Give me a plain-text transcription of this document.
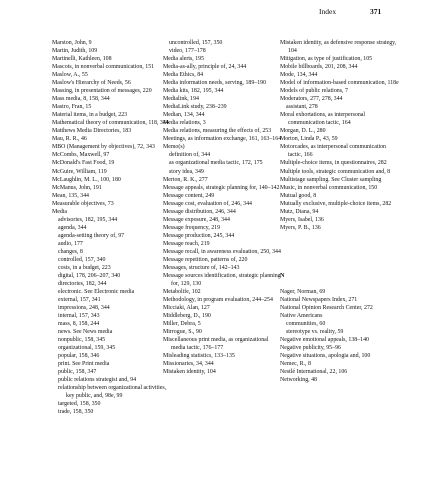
Index	371
Marston, John, 9
Martin, Judith, 109
Martinelli, Kathleen, 108
Mascots, in nonverbal communication, 151
Maslow, A., 55
Maslow's Hierarchy of Needs, 56
Massing, in presentation of messages, 220
Mass media, 8, 158, 344
Mastro, Fran, 15
Material items, in a budget, 223
Mathematical theory of communication, 118, 344
Matthews Media Directories, 183
Mau, R. R., 46
MBO (Management by objectives), 72, 343
McCombs, Maxwell, 97
McDonald's Fast Food, 19
McGuire, William, 119
McLaughlin, M. L., 100, 180
McManus, John, 191
Mean, 135, 344
Measurable objectives, 73
Media
advisories, 182, 195, 344
agenda, 344
agenda-setting theory of, 97
audio, 177
changes, 8
controlled, 157, 340
costs, in a budget, 223
digital, 178, 206–207, 340
directories, 182, 344
electronic. See Electronic media
external, 157, 341
impressions, 248, 344
internal, 157, 343
mass, 8, 158, 244
news. See News media
nonpublic, 158, 345
organizational, 159, 345
popular, 158, 346
print. See Print media
public, 158, 347
public relations strategist and, 94
relationship between organizational activities, key public, and, 98e, 99
targeted, 158, 350
trade, 158, 350
uncontrolled, 157, 350
video, 177–178
Media alerts, 195
Media-as-ally, principle of, 24, 344
Media Ethics, 84
Media information needs, serving, 189–190
Media kits, 182, 195, 344
Medialink, 194
MediaLink study, 238–239
Median, 134, 344
Media relations, 3
Media relations, measuring the effects of, 253
Meetings, as information exchange, 161, 163–164
Memo(s)
definition of, 344
as organizational media tactic, 172, 175
story idea, 349
Merton, R. K., 277
Message appeals, strategic planning for, 140–142
Message content, 249
Message cost, evaluation of, 246, 344
Message distribution, 246, 344
Message exposure, 248, 344
Message frequency, 219
Message production, 245, 344
Message reach, 219
Message recall, in awareness evaluation, 250, 344
Message repetition, patterns of, 220
Messages, structure of, 142–143
Message sources identification, strategic planning for, 129, 130
Metabolife, 102
Methodology, in program evaluation, 244–254
Micciaki, Alan, 127
Middleberg, D., 190
Miller, Debra, 5
Mirrogue, S., 90
Miscellaneous print media, as organizational media tactic, 176–177
Misleading statistics, 133–135
Missionaries, 34, 344
Mistaken identity, 104
Mistaken identity, as defensive response strategy, 104
Mitigation, as type of justification, 105
Mobile billboards, 201, 208, 344
Mode, 134, 344
Model of information-based communication, 118e
Models of public relations, 7
Moderators, 277, 278, 344
assistant, 278
Moral exhortations, as interpersonal communication tactic, 164
Morgan, D. L., 280
Morton, Linda P., 43, 59
Motorcades, as interpersonal communication tactic, 166
Multiple-choice items, in questionnaires, 282
Multiple tools, strategic communication and, 8
Multistage sampling. See Cluster sampling
Music, in nonverbal communication, 150
Mutual good, 8
Mutually exclusive, multiple-choice items, 282
Mutz, Diana, 94
Myers, Isabel, 136
Myers, P. B., 136
N
Nager, Norman, 69
National Newspapers Index, 271
National Opinion Research Center, 272
Native Americans
communities, 60
stereotype vs. reality, 59
Negative emotional appeals, 138–140
Negative publicity, 95–96
Negative situations, apologia and, 100
Nemec, R., 8
Nestlé International, 22, 106
Networking, 48
